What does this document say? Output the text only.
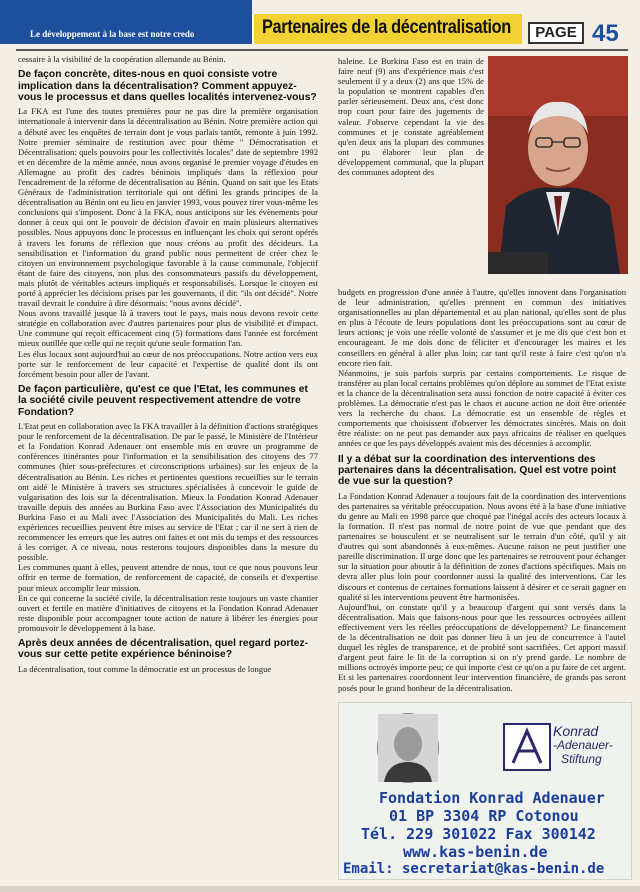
Le développement à la base est notre credo	Partenaires de la décentralisation	PAGE 45

cessaire à la visibilité de la coopération allemande au Bénin.

De façon concrète, dites-nous en quoi consiste votre implication dans la décentralisation? Comment appuyez-vous le processus et dans quelles localités intervenez-vous?

La FKA est l'une des toutes premières pour ne pas dire la première organisation internationale à intervenir dans la décentralisation au Bénin. Notre première action qui a débuté avec les enquêtes de terrain dont je vous parlais tantôt, remonte à juin 1992. Notre premier séminaire de restitution avec pour thème " Démocratisation et Décentralisation: quels pouvoirs pour les collectivités locales" date de septembre 1992 et en décembre de la même année, nous avons organisé le premier voyage d'études en Allemagne au profit des cadres béninois impliqués dans la réflexion pour l'encadrement de la réforme de décentralisation au Bénin. Quand on sait que les Etats Généraux de l'administration territoriale qui ont défini les grands principes de la décentralisation au Bénin ont eu lieu en janvier 1993, vous pouvez tirer vous-même les conclusions qui s'imposent. Donc à la FKA, nous anticipons sur les évènements pour donner à ceux qui ont le pouvoir de décision d'avoir en main plusieurs alternatives possibles. Nous appuyons donc le processus en influençant les choix qui seront opérés à travers les forums de réflexion que nous créons au profit des décideurs. La sensibilisation et l'information du grand public nous permettent de créer chez le citoyen un environnement psychologique favorable à la cause communale, l'objectif étant de faire des citoyens, non plus des consommateurs passifs du développement, mais plutôt de véritables acteurs impliqués et responsabilisés. Lorsque le citoyen est porté à apprécier les décisions prises par les gouvernants, il dit: "ils ont décidé". Notre travail devrait le conduire à dire désormais: "nous avons décidé".

Nous avons travaillé jusque là à travers tout le pays, mais nous devons revoir cette stratégie en collaboration avec d'autres partenaires pour plus de visibilité et d'impact. Une commune qui reçoit efficacement cinq (5) formations dans l'année est forcément mieux outillée que celle qui ne reçoit qu'une seule formation l'an.

Les élus locaux sont aujourd'hui au cœur de nos préoccupations. Notre action vers eux porte sur le renforcement de leur capacité et l'expertise de qualité dont ils ont forcément besoin pour aller de l'avant.

De façon particulière, qu'est ce que l'Etat, les communes et la société civile peuvent respectivement attendre de votre Fondation?

L'Etat peut en collaboration avec la FKA travailler à la définition d'actions stratégiques pour le renforcement de la décentralisation. De par le passé, le Ministère de l'Intérieur et la Fondation Konrad Adenauer ont ensemble mis en œuvre un programme de conférences itinérantes pour l'information et la sensibilisation des citoyens des 77 communes (hier sous-préfectures et circonscriptions urbaines) sur les enjeux de la décentralisation au Bénin. Les riches et pertinentes questions recueillies sur le terrain ont aidé le Ministère à travers ses structures spécialisées à concevoir le guide de vulgarisation des lois sur la décentralisation. Mieux la Fondation Konrad Adenauer travaille depuis des années au Burkina Faso avec l'Association des Municipalités du Burkina Faso et au Mali avec l'Association des Municipalités du Mali. Les riches expériences recueillies peuvent être mises au service de l'Etat ; car il ne sert à rien de recommencer les erreurs que les autres ont faites et ont mis du temps et des ressources à les corriger. A ce niveau, nous resterons toujours disponibles dans la mesure du possible.

Les communes quant à elles, peuvent attendre de nous, tout ce que nous pouvons leur offrir en terme de formation, de renforcement de capacité, de conseils et d'expertise pour mieux accomplir leur mission.

En ce qui concerne la société civile, la décentralisation reste toujours un vaste chantier ouvert et fertile en matière d'initiatives de citoyens et la Fondation Konrad Adenauer reste disponible pour accompagner toute action de nature à libérer les énergies pour promouvoir le développement à la base.

Après deux années de décentralisation, quel regard portez-vous sur cette petite expérience béninoise?

La décentralisation, tout comme la démocratie est un processus de longue

haleine. Le Burkina Faso est en train de faire neuf (9) ans d'expérience mais c'est seulement il y a deux (2) ans que 15% de la population se montrent capables d'en parler sérieusement. Deux ans, c'est donc trop court pour faire des jugements de valeur. J'observe cependant la vie des communes et je constate agréablement qu'en deux ans la plupart des communes ont pu élaborer leur plan de développement communal, que la plupart des communes adoptent des

budgets en progression d'une année à l'autre, qu'elles innovent dans l'organisation de leur administration, qu'elles prennent en commun des initiatives organisationnelles au plan départemental et au plan national, qu'elles sont de plus en plus à l'écoute de leurs populations dont les préoccupations sont au cœur de leurs actions; je vois une réelle volonté de s'assumer et je me dis que c'est bon et encourageant. Je me dois donc de féliciter et d'encourager les maires et les conseillers en général à aller plus loin; car tant qu'il reste à faire c'est qu'on n'a encore rien fait.

Néanmoins, je suis parfois surpris par certains comportements. Le risque de transférer au plan local certains problèmes qu'on déplore au sommet de l'Etat existe et la chance de la décentralisation sera aussi fonction de notre capacité à éviter ces problèmes. La démocratie n'est pas le chaos et aucune action ne doit être orientée vers la recherche du chaos. La démocratie est un ensemble de règles et comportements que choisissent d'observer les démocrates sincères. Mais on doit être réaliste: on ne peut pas demander aux pays africains de réaliser en quelques années ce que les pays développés avaient mis des décennies à accomplir.

Il y a débat sur la coordination des interventions des partenaires dans la décentralisation. Quel est votre point de vue sur la question?

La Fondation Konrad Adenauer a toujours fait de la coordination des interventions des partenaires sa véritable préoccupation. Nous avons été à la base d'une initiative du genre au Mali en 1998 parce que choqué par l'inégal accès des acteurs locaux à la formation. Il n'est pas normal de notre point de vue que pendant que des partenaires se bousculent et se neutralisent sur le terrain d'un côté, qu'il y ait d'autres qui sont abandonnés à eux-mêmes. Aucune raison ne peut justifier une pareille discrimination. Il urge donc que les partenaires se retrouvent pour échanger sur la situation pour aboutir à la définition de zones d'actions spécifiques. Mais on devra aller plus loin pour coordonner aussi la qualité des interventions. Car les discours et contenus de certaines formations laissent à désirer et ce serait gagner en qualité si les interventions peuvent être harmonisées.

Aujourd'hui, on constate qu'il y a beaucoup d'argent qui sont versés dans la décentralisation. Mais que faisons-nous pour que les ressources octroyées aillent effectivement vers les réelles préoccupations de développement? Le financement de la décentralisation ne doit pas donner lieu à un jeu de concurrence à l'autel duquel les règles de transparence, et de probité sont sacrifiées. Cet apport massif d'argent peut faire le lit de la corruption si on n'y prend garde. Le nombre de millions octroyés importe peu; ce qui importe c'est ce qu'on a pu faire de cet argent. Et si les partenaires coordonnent leur intervention financière, de grands pas seront posés pour le grand bonheur de la décentralisation.

Konrad
-Adenauer-
Stiftung
Fondation Konrad Adenauer
01 BP 3304 RP Cotonou
Tél. 229 301022 Fax 300142
www.kas-benin.de
Email: secretariat@kas-benin.de
